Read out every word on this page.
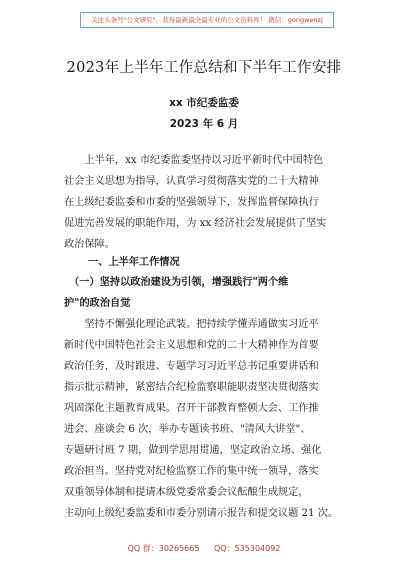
关注头条号"公文研究"，获得最新最全最专业的公文资料库！ 微信：gongwenzj
2023年上半年工作总结和下半年工作安排
xx 市纪委监委
2023 年 6 月
　　上半年，xx 市纪委监委坚持以习近平新时代中国特色
社会主义思想为指导，认真学习贯彻落实党的二十大精神
在上级纪委监委和市委的坚强领导下，发挥监督保障执行
促进完善发展的职能作用，为 xx 经济社会发展提供了坚实
政治保障。
一、上半年工作情况
　（一）坚持以政治建设为引领，增强践行"两个维
护"的政治自觉
　　坚持不懈强化理论武装。把持续学懂弄通做实习近平
新时代中国特色社会主义思想和党的二十大精神作为首要
政治任务，及时跟进、专题学习习近平总书记重要讲话和
指示批示精神，紧密结合纪检监察职能职责坚决贯彻落实
巩固深化主题教育成果。召开干部教育整顿大会、工作推
进会、座谈会 6 次，举办专题读书班、"清风大讲堂"、
专题研讨班 7 期，做到学思用贯通，坚定政治立场、强化
政治担当。坚持党对纪检监察工作的集中统一领导，落实
双重领导体制和提请本级党委常委会议酝酿生成规定，
主动向上级纪委监委和市委分别请示报告和提交议题 21 次。
QQ 群：30265665 QQ：535304092
